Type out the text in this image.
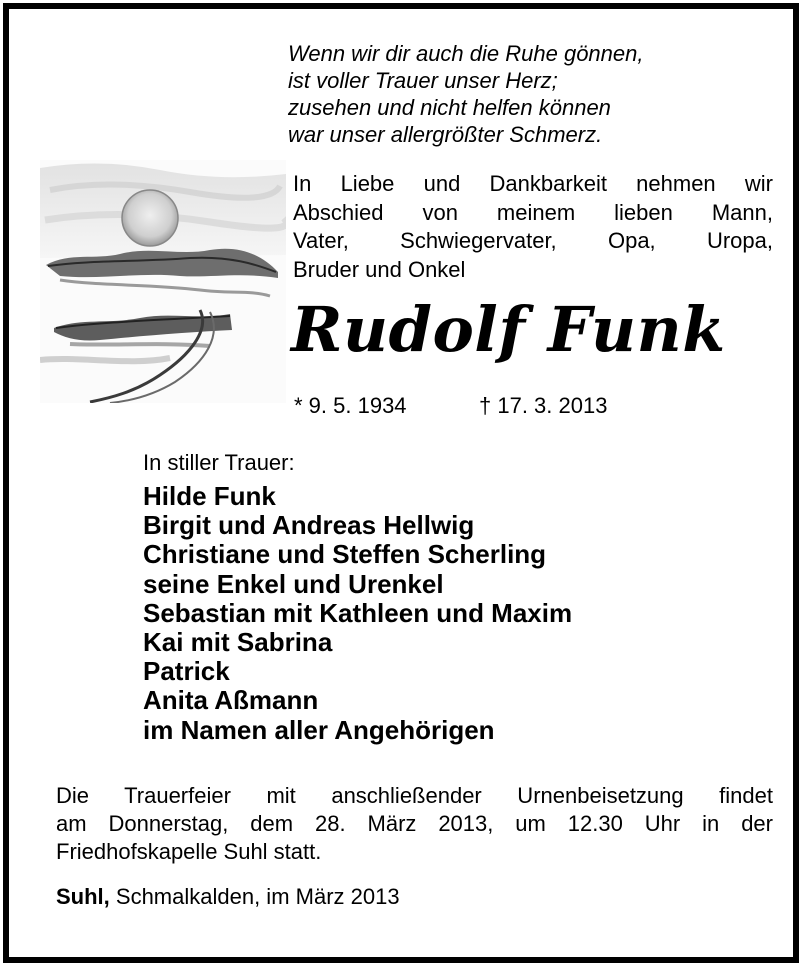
Wenn wir dir auch die Ruhe gönnen,
ist voller Trauer unser Herz;
zusehen und nicht helfen können
war unser allergrößter Schmerz.
In Liebe und Dankbarkeit nehmen wir
Abschied von meinem lieben Mann,
Vater, Schwiegervater, Opa, Uropa,
Bruder und Onkel
Rudolf Funk
* 9. 5. 1934	† 17. 3. 2013
In stiller Trauer:
Hilde Funk
Birgit und Andreas Hellwig
Christiane und Steffen Scherling
seine Enkel und Urenkel
Sebastian mit Kathleen und Maxim
Kai mit Sabrina
Patrick
Anita Aßmann
im Namen aller Angehörigen
Die Trauerfeier mit anschließender Urnenbeisetzung findet
am Donnerstag, dem 28. März 2013, um 12.30 Uhr in der
Friedhofskapelle Suhl statt.
Suhl, Schmalkalden, im März 2013
